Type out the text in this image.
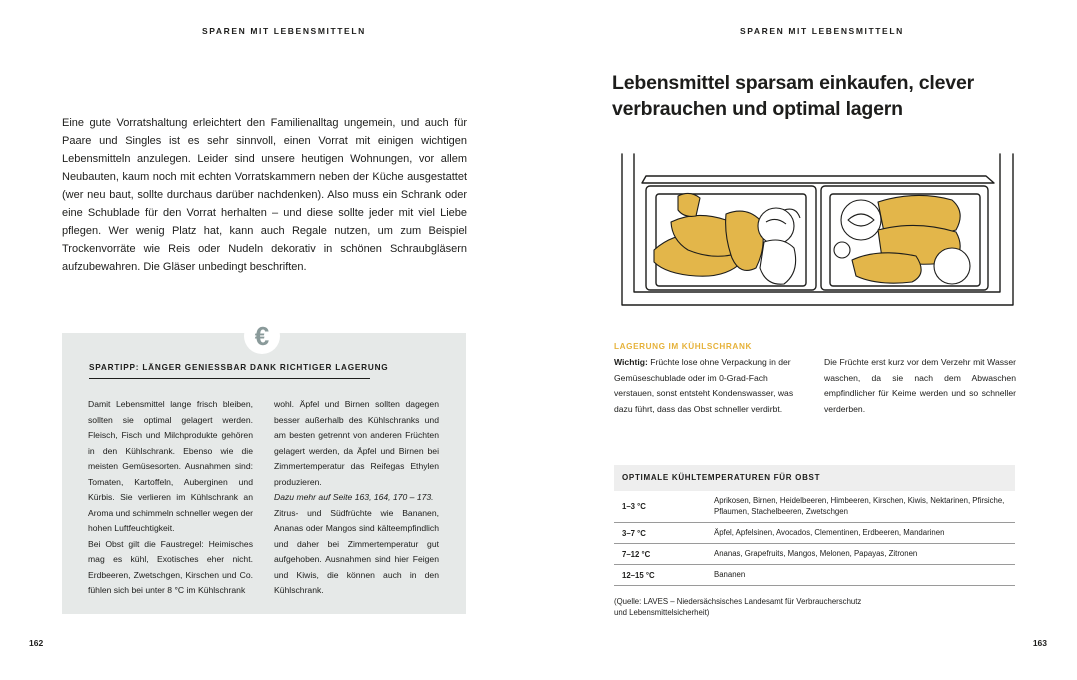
SPAREN MIT LEBENSMITTELN

Eine gute Vorratshaltung erleichtert den Familienalltag ungemein, und auch für Paare und Singles ist es sehr sinnvoll, einen Vorrat mit einigen wichtigen Lebensmitteln anzulegen. Leider sind unsere heutigen Wohnungen, vor allem Neubauten, kaum noch mit echten Vorratskammern neben der Küche ausgestattet (wer neu baut, sollte durchaus darüber nachdenken). Also muss ein Schrank oder eine Schublade für den Vorrat herhalten – und diese sollte jeder mit viel Liebe pflegen. Wer wenig Platz hat, kann auch Regale nutzen, um zum Beispiel Trockenvorräte wie Reis oder Nudeln dekorativ in schönen Schraubgläsern aufzubewahren. Die Gläser unbedingt beschriften.

SPARTIPP: LÄNGER GENIESSBAR DANK RICHTIGER LAGERUNG

Damit Lebensmittel lange frisch bleiben, sollten sie optimal gelagert werden. Fleisch, Fisch und Milchprodukte gehören in den Kühlschrank. Ebenso wie die meisten Gemüsesorten. Ausnahmen sind: Tomaten, Kartoffeln, Auberginen und Kürbis. Sie verlieren im Kühlschrank an Aroma und schimmeln schneller wegen der hohen Luftfeuchtigkeit.

Bei Obst gilt die Faustregel: Heimisches mag es kühl, Exotisches eher nicht. Erdbeeren, Zwetschgen, Kirschen und Co. fühlen sich bei unter 8 °C im Kühlschrank

wohl. Äpfel und Birnen sollten dagegen besser außerhalb des Kühlschranks und am besten getrennt von anderen Früchten gelagert werden, da Äpfel und Birnen bei Zimmertemperatur das Reifegas Ethylen produzieren.

Dazu mehr auf Seite 163, 164, 170 – 173.

Zitrus- und Südfrüchte wie Bananen, Ananas oder Mangos sind kälteempfindlich und daher bei Zimmertemperatur gut aufgehoben. Ausnahmen sind hier Feigen und Kiwis, die können auch in den Kühlschrank.

€
162
SPAREN MIT LEBENSMITTELN
Lebensmittel sparsam einkaufen, clever
verbrauchen und optimal lagern
LAGERUNG IM KÜHLSCHRANK

Wichtig: Früchte lose ohne Verpackung in der Gemüseschublade oder im 0-Grad-Fach verstauen, sonst entsteht Kondenswasser, was dazu führt, dass das Obst schneller verdirbt.

Die Früchte erst kurz vor dem Verzehr mit Wasser waschen, da sie nach dem Abwaschen empfindlicher für Keime werden und so schneller verderben.

OPTIMALE KÜHLTEMPERATUREN FÜR OBST
1–3 °C
Aprikosen, Birnen, Heidelbeeren, Himbeeren, Kirschen, Kiwis, Nektarinen, Pfirsiche, Pflaumen, Stachelbeeren, Zwetschgen
3–7 °C	Äpfel, Apfelsinen, Avocados, Clementinen, Erdbeeren, Mandarinen
7–12 °C	Ananas, Grapefruits, Mangos, Melonen, Papayas, Zitronen
12–15 °C	Bananen

(Quelle: LAVES – Niedersächsisches Landesamt für Verbraucherschutz
und Lebensmittelsicherheit)

163
